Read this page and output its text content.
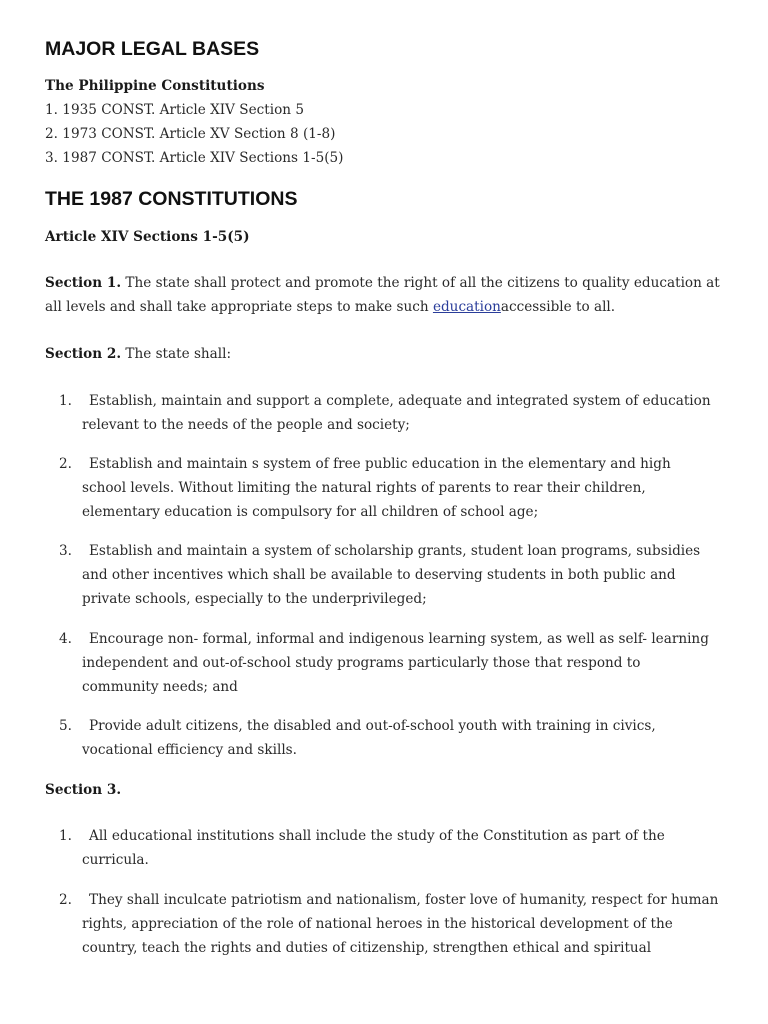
MAJOR LEGAL BASES

The Philippine Constitutions

1. 1935 CONST. Article XIV Section 5

2. 1973 CONST. Article XV Section 8 (1-8)

3. 1987 CONST. Article XIV Sections 1-5(5)

THE 1987 CONSTITUTIONS

Article XIV Sections 1-5(5)

Section 1. The state shall protect and promote the right of all the citizens to quality education at all levels and shall take appropriate steps to make such educationaccessible to all.

Section 2. The state shall:

1.	Establish, maintain and support a complete, adequate and integrated system of education relevant to the needs of the people and society;
2.	Establish and maintain s system of free public education in the elementary and high school levels. Without limiting the natural rights of parents to rear their children, elementary education is compulsory for all children of school age;
3.	Establish and maintain a system of scholarship grants, student loan programs, subsidies and other incentives which shall be available to deserving students in both public and private schools, especially to the underprivileged;
4.	Encourage non- formal, informal and indigenous learning system, as well as self- learning independent and out-of-school study programs particularly those that respond to community needs; and
5.	Provide adult citizens, the disabled and out-of-school youth with training in civics, vocational efficiency and skills.

Section 3.

1.	All educational institutions shall include the study of the Constitution as part of the curricula.
2.	They shall inculcate patriotism and nationalism, foster love of humanity, respect for human rights, appreciation of the role of national heroes in the historical development of the country, teach the rights and duties of citizenship, strengthen ethical and spiritual
